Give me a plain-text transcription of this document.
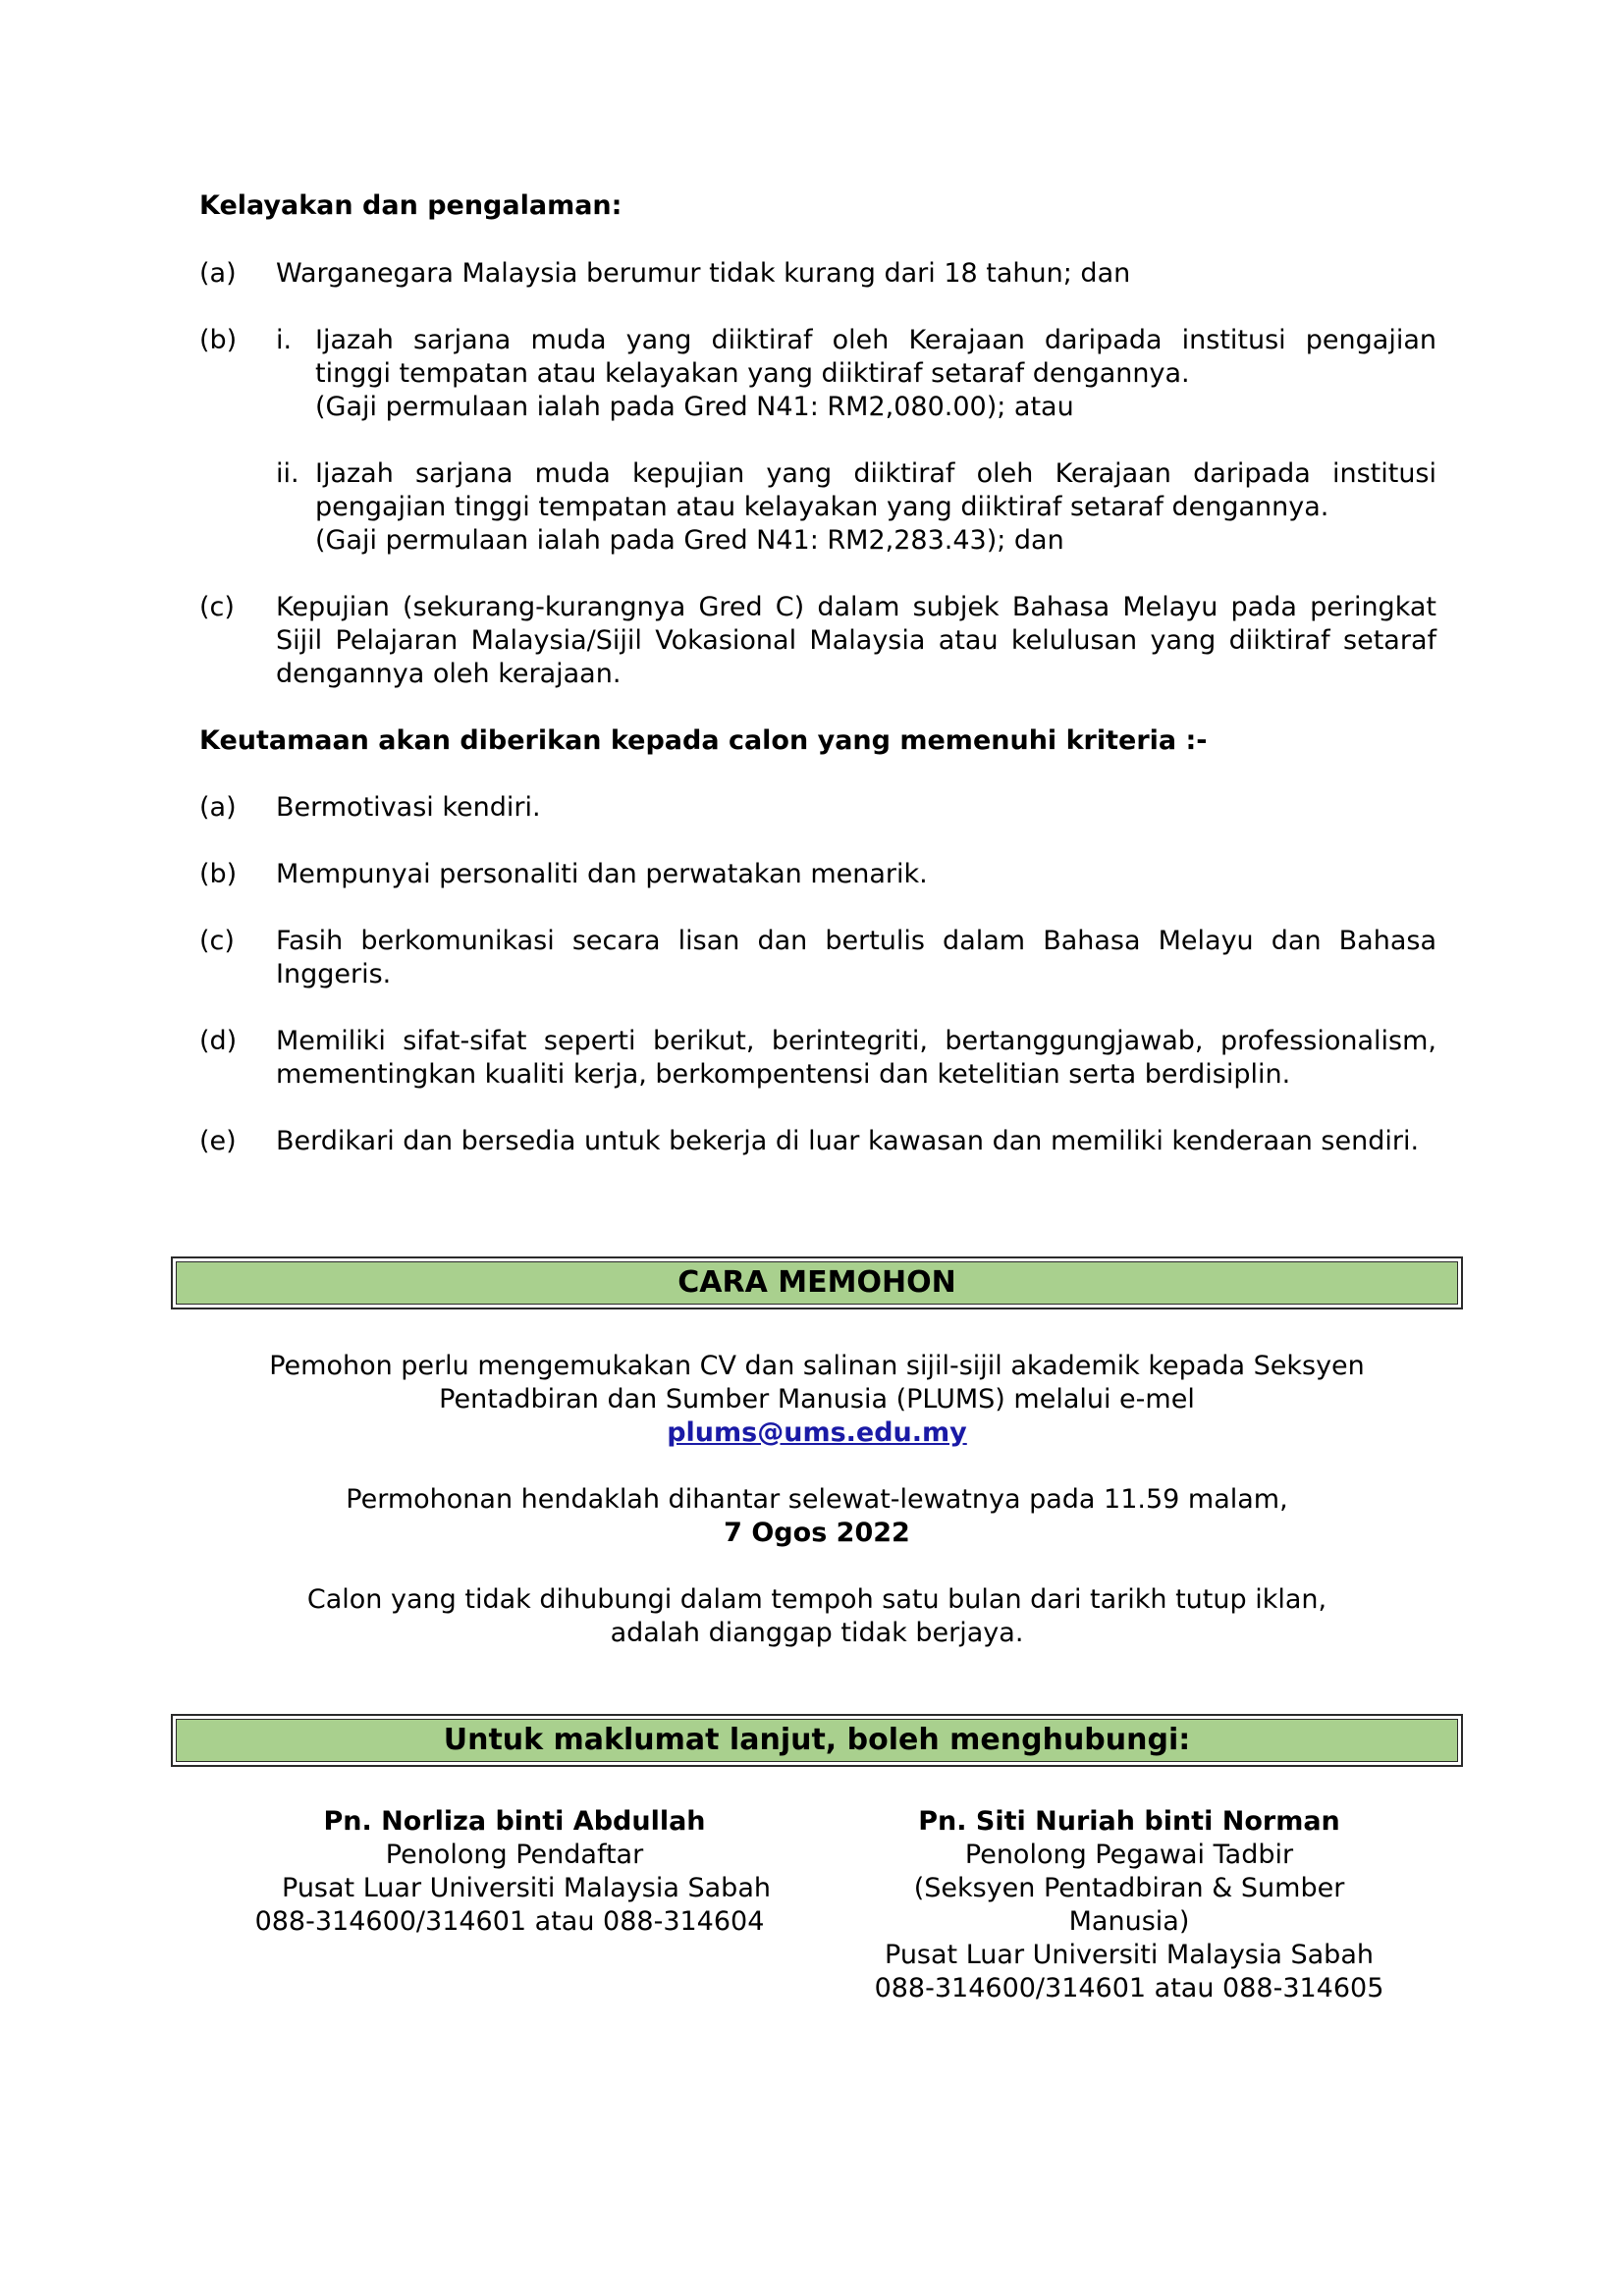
Kelayakan dan pengalaman:
(a)	Warganegara Malaysia berumur tidak kurang dari 18 tahun; dan
(b)	i. Ijazah sarjana muda yang diiktiraf oleh Kerajaan daripada institusi pengajian
tinggi tempatan atau kelayakan yang diiktiraf setaraf dengannya.
(Gaji permulaan ialah pada Gred N41: RM2,080.00); atau
ii. Ijazah sarjana muda kepujian yang diiktiraf oleh Kerajaan daripada institusi
pengajian tinggi tempatan atau kelayakan yang diiktiraf setaraf dengannya.
(Gaji permulaan ialah pada Gred N41: RM2,283.43); dan
(c)	Kepujian (sekurang-kurangnya Gred C) dalam subjek Bahasa Melayu pada peringkat Sijil Pelajaran Malaysia/Sijil Vokasional Malaysia atau kelulusan yang diiktiraf setaraf dengannya oleh kerajaan.
Keutamaan akan diberikan kepada calon yang memenuhi kriteria :-
(a)	Bermotivasi kendiri.
(b)	Mempunyai personaliti dan perwatakan menarik.
(c)	Fasih berkomunikasi secara lisan dan bertulis dalam Bahasa Melayu dan Bahasa Inggeris.
(d)	Memiliki sifat-sifat seperti berikut, berintegriti, bertanggungjawab, professionalism, mementingkan kualiti kerja, berkompentensi dan ketelitian serta berdisiplin.
(e)	Berdikari dan bersedia untuk bekerja di luar kawasan dan memiliki kenderaan sendiri.
CARA MEMOHON
Pemohon perlu mengemukakan CV dan salinan sijil-sijil akademik kepada Seksyen
Pentadbiran dan Sumber Manusia (PLUMS) melalui e-mel
plums@ums.edu.my
Permohonan hendaklah dihantar selewat-lewatnya pada 11.59 malam,
7 Ogos 2022
Calon yang tidak dihubungi dalam tempoh satu bulan dari tarikh tutup iklan,
adalah dianggap tidak berjaya.
Untuk maklumat lanjut, boleh menghubungi:
Pn. Norliza binti Abdullah
Penolong Pendaftar
Pusat Luar Universiti Malaysia Sabah
088-314600/314601 atau 088-314604
Pn. Siti Nuriah binti Norman
Penolong Pegawai Tadbir
(Seksyen Pentadbiran & Sumber
Manusia)
Pusat Luar Universiti Malaysia Sabah
088-314600/314601 atau 088-314605
